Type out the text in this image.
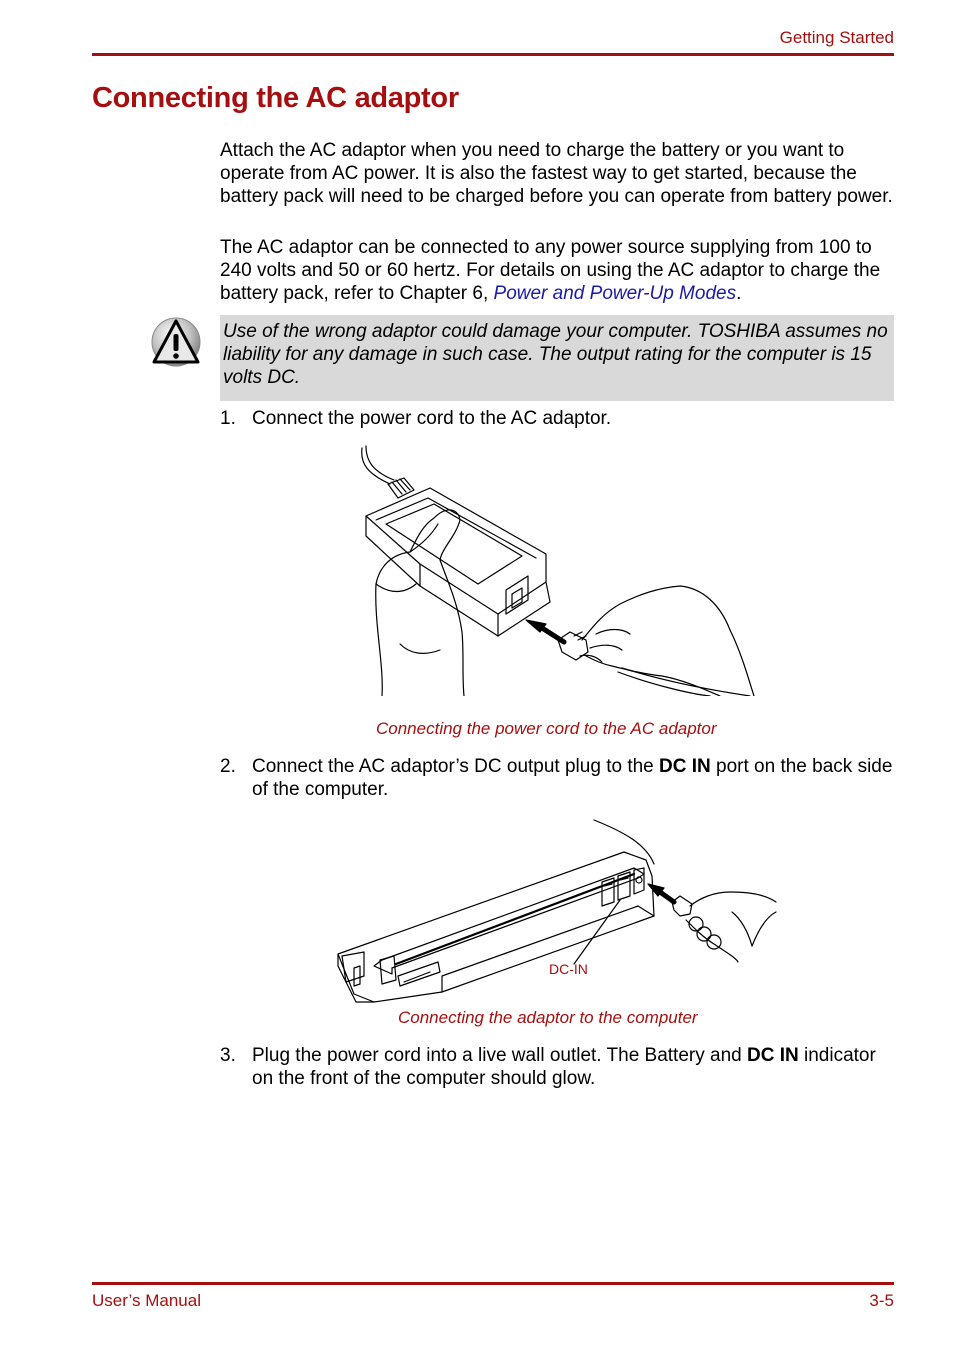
Getting Started
Connecting the AC adaptor
Attach the AC adaptor when you need to charge the battery or you want to operate from AC power. It is also the fastest way to get started, because the battery pack will need to be charged before you can operate from battery power.
The AC adaptor can be connected to any power source supplying from 100 to 240 volts and 50 or 60 hertz. For details on using the AC adaptor to charge the battery pack, refer to Chapter 6, Power and Power-Up Modes.
Use of the wrong adaptor could damage your computer. TOSHIBA assumes no liability for any damage in such case. The output rating for the computer is 15 volts DC.
1. Connect the power cord to the AC adaptor.
Connecting the power cord to the AC adaptor
2. Connect the AC adaptor’s DC output plug to the DC IN port on the back side of the computer.
DC-IN
Connecting the adaptor to the computer
3. Plug the power cord into a live wall outlet. The Battery and DC IN indicator on the front of the computer should glow.
User’s Manual	3-5
